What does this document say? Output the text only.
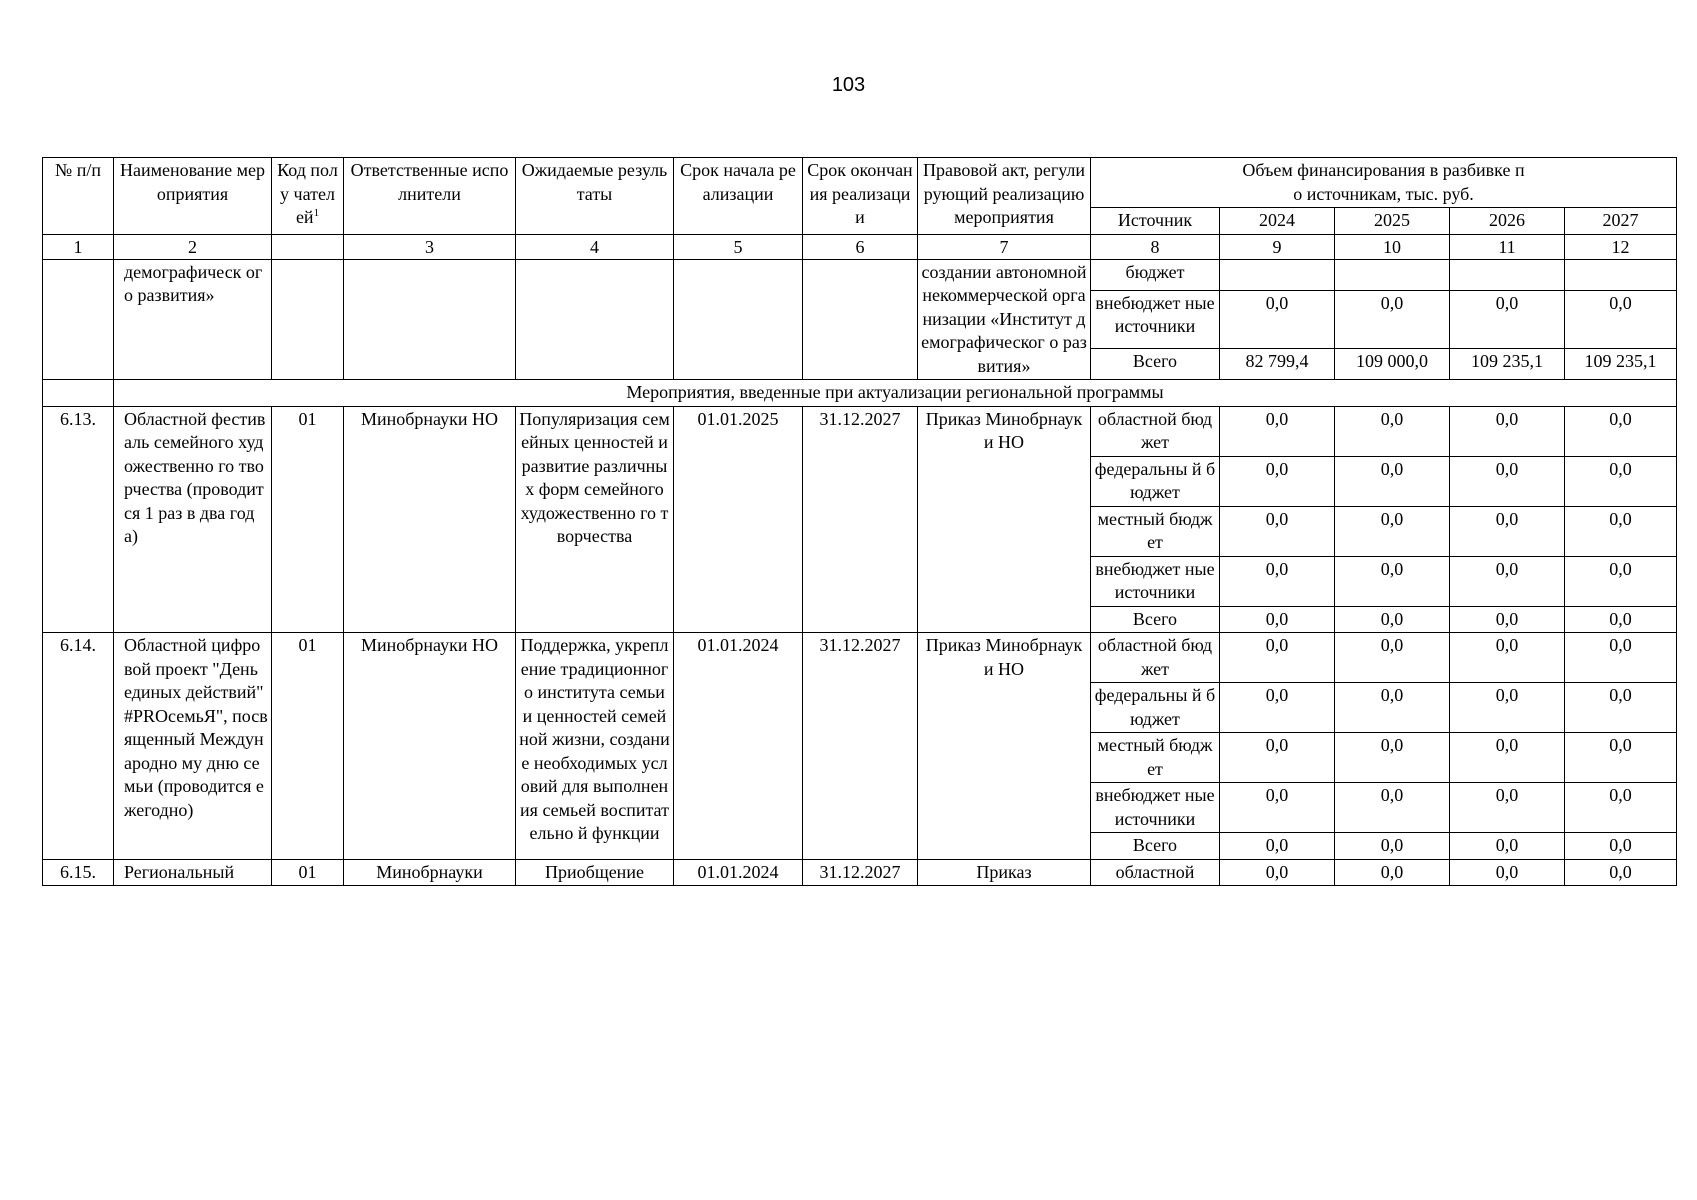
103
№ п/п	Наименование мероприятия	Код полу чател $ей^1$	Ответственные исполнители	Ожидаемые результаты	Срок начала реализации	Срок окончания реализаци и	Правовой акт, регулирующий реализацию мероприятия	Объем финансирования в разбивке по источникам, тыс. руб.				
								Источник	2024	2025	2026	2027
1	2		3	4	5	6	7	8	9	10	11	12
	демографическ ого развития»						создании автономной некоммерческой организации «Институт демографическог о развития»	бюджет				
								внебюджет ные источники	0,0	0,0	0,0	0,0
								Всего	82 799,4	109 000,0	109 235,1	109 235,1
	Мероприятия, введенные при актуализации региональной программы											
6.13.	Областной фестиваль семейного художественно го творчества (проводится 1 раз в два года)	01	Минобрнауки НО	Популяризация семейных ценностей и развитие различных форм семейного художественно го творчества	01.01.2025	31.12.2027	Приказ Минобрнауки НО	областной бюджет	0,0	0,0	0,0	0,0
								федеральны й бюджет	0,0	0,0	0,0	0,0
								местный бюджет	0,0	0,0	0,0	0,0
								внебюджет ные источники	0,0	0,0	0,0	0,0
								Всего	0,0	0,0	0,0	0,0
6.14.	Областной цифровой проект "День единых действий" #PROсемьЯ", посвященный Международно му дню семьи (проводится ежегодно)	01	Минобрнауки НО	Поддержка, укрепление традиционного института семьи и ценностей семейной жизни, создание необходимых условий для выполнения семьей воспитательно й функции	01.01.2024	31.12.2027	Приказ Минобрнауки НО	областной бюджет	0,0	0,0	0,0	0,0
								федеральны й бюджет	0,0	0,0	0,0	0,0
								местный бюджет	0,0	0,0	0,0	0,0
								внебюджет ные источники	0,0	0,0	0,0	0,0
								Всего	0,0	0,0	0,0	0,0
6.15.	Региональный	01	Минобрнауки	Приобщение	01.01.2024	31.12.2027	Приказ	областной	0,0	0,0	0,0	0,0
